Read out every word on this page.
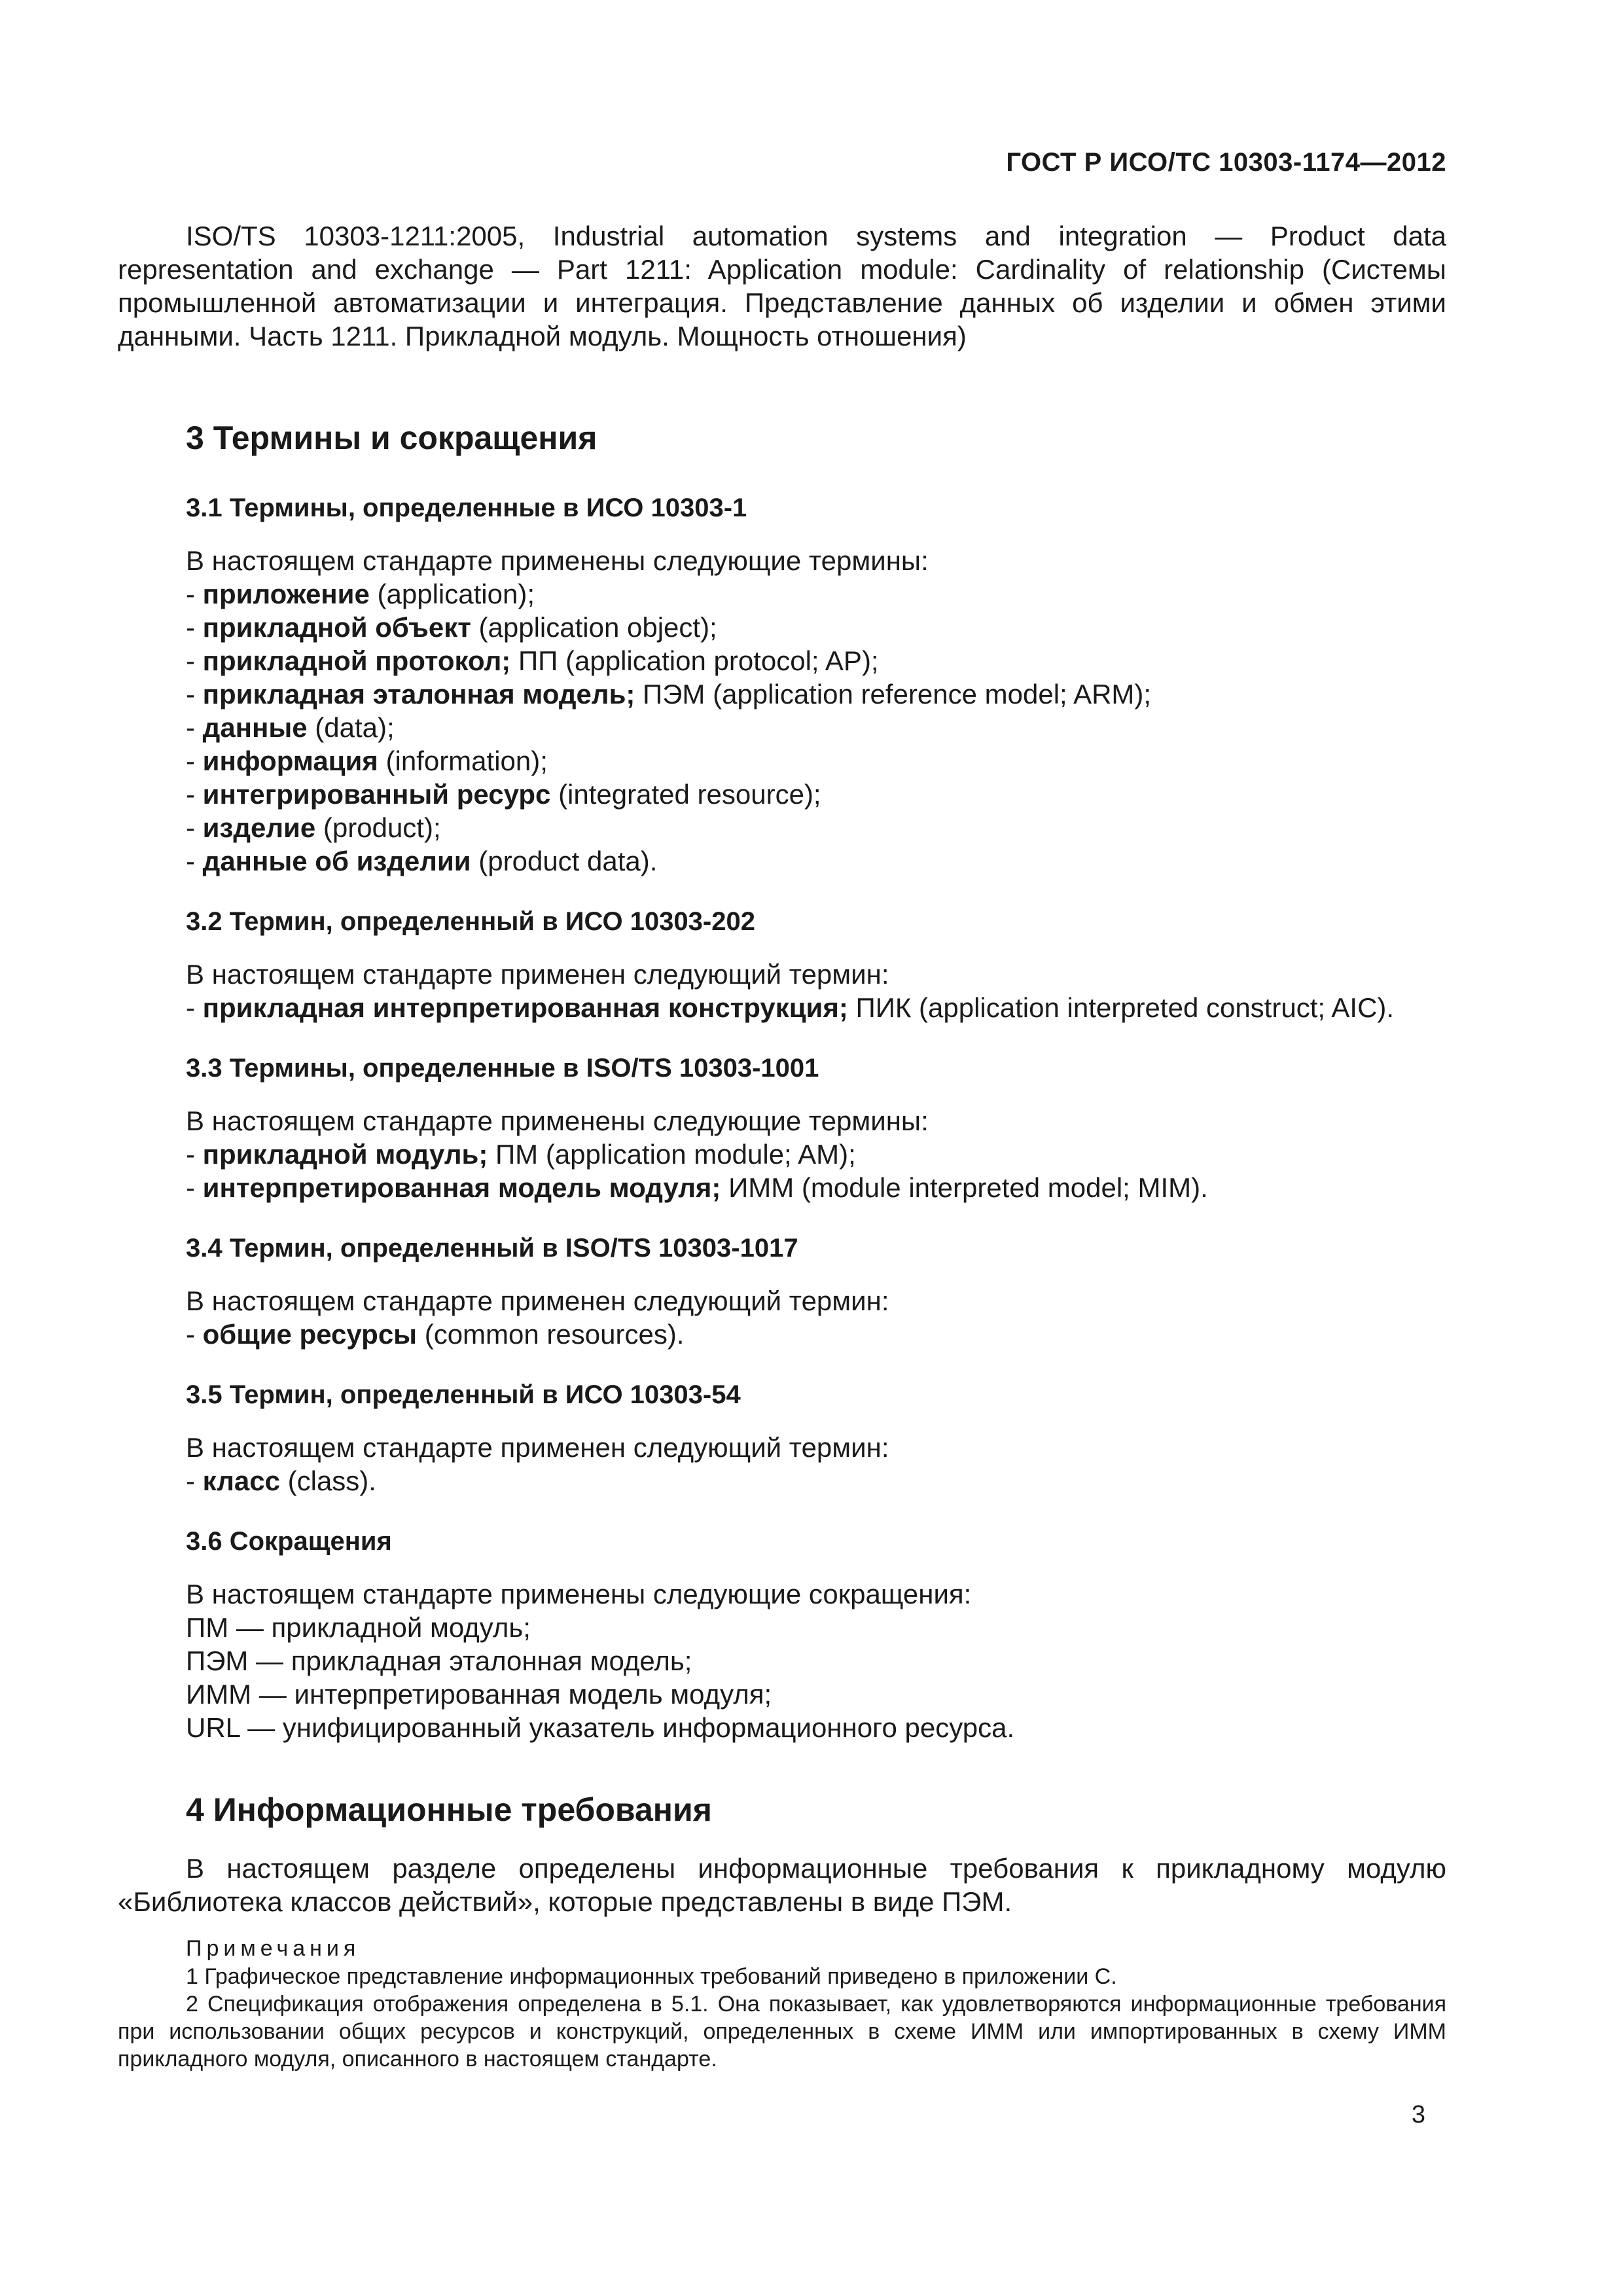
ГОСТ Р ИСО/ТС 10303-1174—2012

ISO/TS 10303-1211:2005, Industrial automation systems and integration — Product data representation and exchange — Part 1211: Application module: Cardinality of relationship (Системы промышленной автоматизации и интеграция. Представление данных об изделии и обмен этими данными. Часть 1211. Прикладной модуль. Мощность отношения)

3 Термины и сокращения
3.1 Термины, определенные в ИСО 10303-1

В настоящем стандарте применены следующие термины:

- приложение (application);

- прикладной объект (application object);

- прикладной протокол; ПП (application protocol; AP);

- прикладная эталонная модель; ПЭМ (application reference model; ARM);

- данные (data);

- информация (information);

- интегрированный ресурс (integrated resource);

- изделие (product);

- данные об изделии (product data).

3.2 Термин, определенный в ИСО 10303-202

В настоящем стандарте применен следующий термин:

- прикладная интерпретированная конструкция; ПИК (application interpreted construct; AIC).

3.3 Термины, определенные в ISO/TS 10303-1001

В настоящем стандарте применены следующие термины:

- прикладной модуль; ПМ (application module; AM);

- интерпретированная модель модуля; ИММ (module interpreted model; MIM).

3.4 Термин, определенный в ISO/TS 10303-1017

В настоящем стандарте применен следующий термин:

- общие ресурсы (common resources).

3.5 Термин, определенный в ИСО 10303-54

В настоящем стандарте применен следующий термин:

- класс (class).

3.6 Сокращения

В настоящем стандарте применены следующие сокращения:

ПМ — прикладной модуль;

ПЭМ — прикладная эталонная модель;

ИММ — интерпретированная модель модуля;

URL — унифицированный указатель информационного ресурса.

4 Информационные требования

В настоящем разделе определены информационные требования к прикладному модулю «Библиотека классов действий», которые представлены в виде ПЭМ.

Примечания

1 Графическое представление информационных требований приведено в приложении С.

2 Спецификация отображения определена в 5.1. Она показывает, как удовлетворяются информационные требования при использовании общих ресурсов и конструкций, определенных в схеме ИММ или импортированных в схему ИММ прикладного модуля, описанного в настоящем стандарте.

3
